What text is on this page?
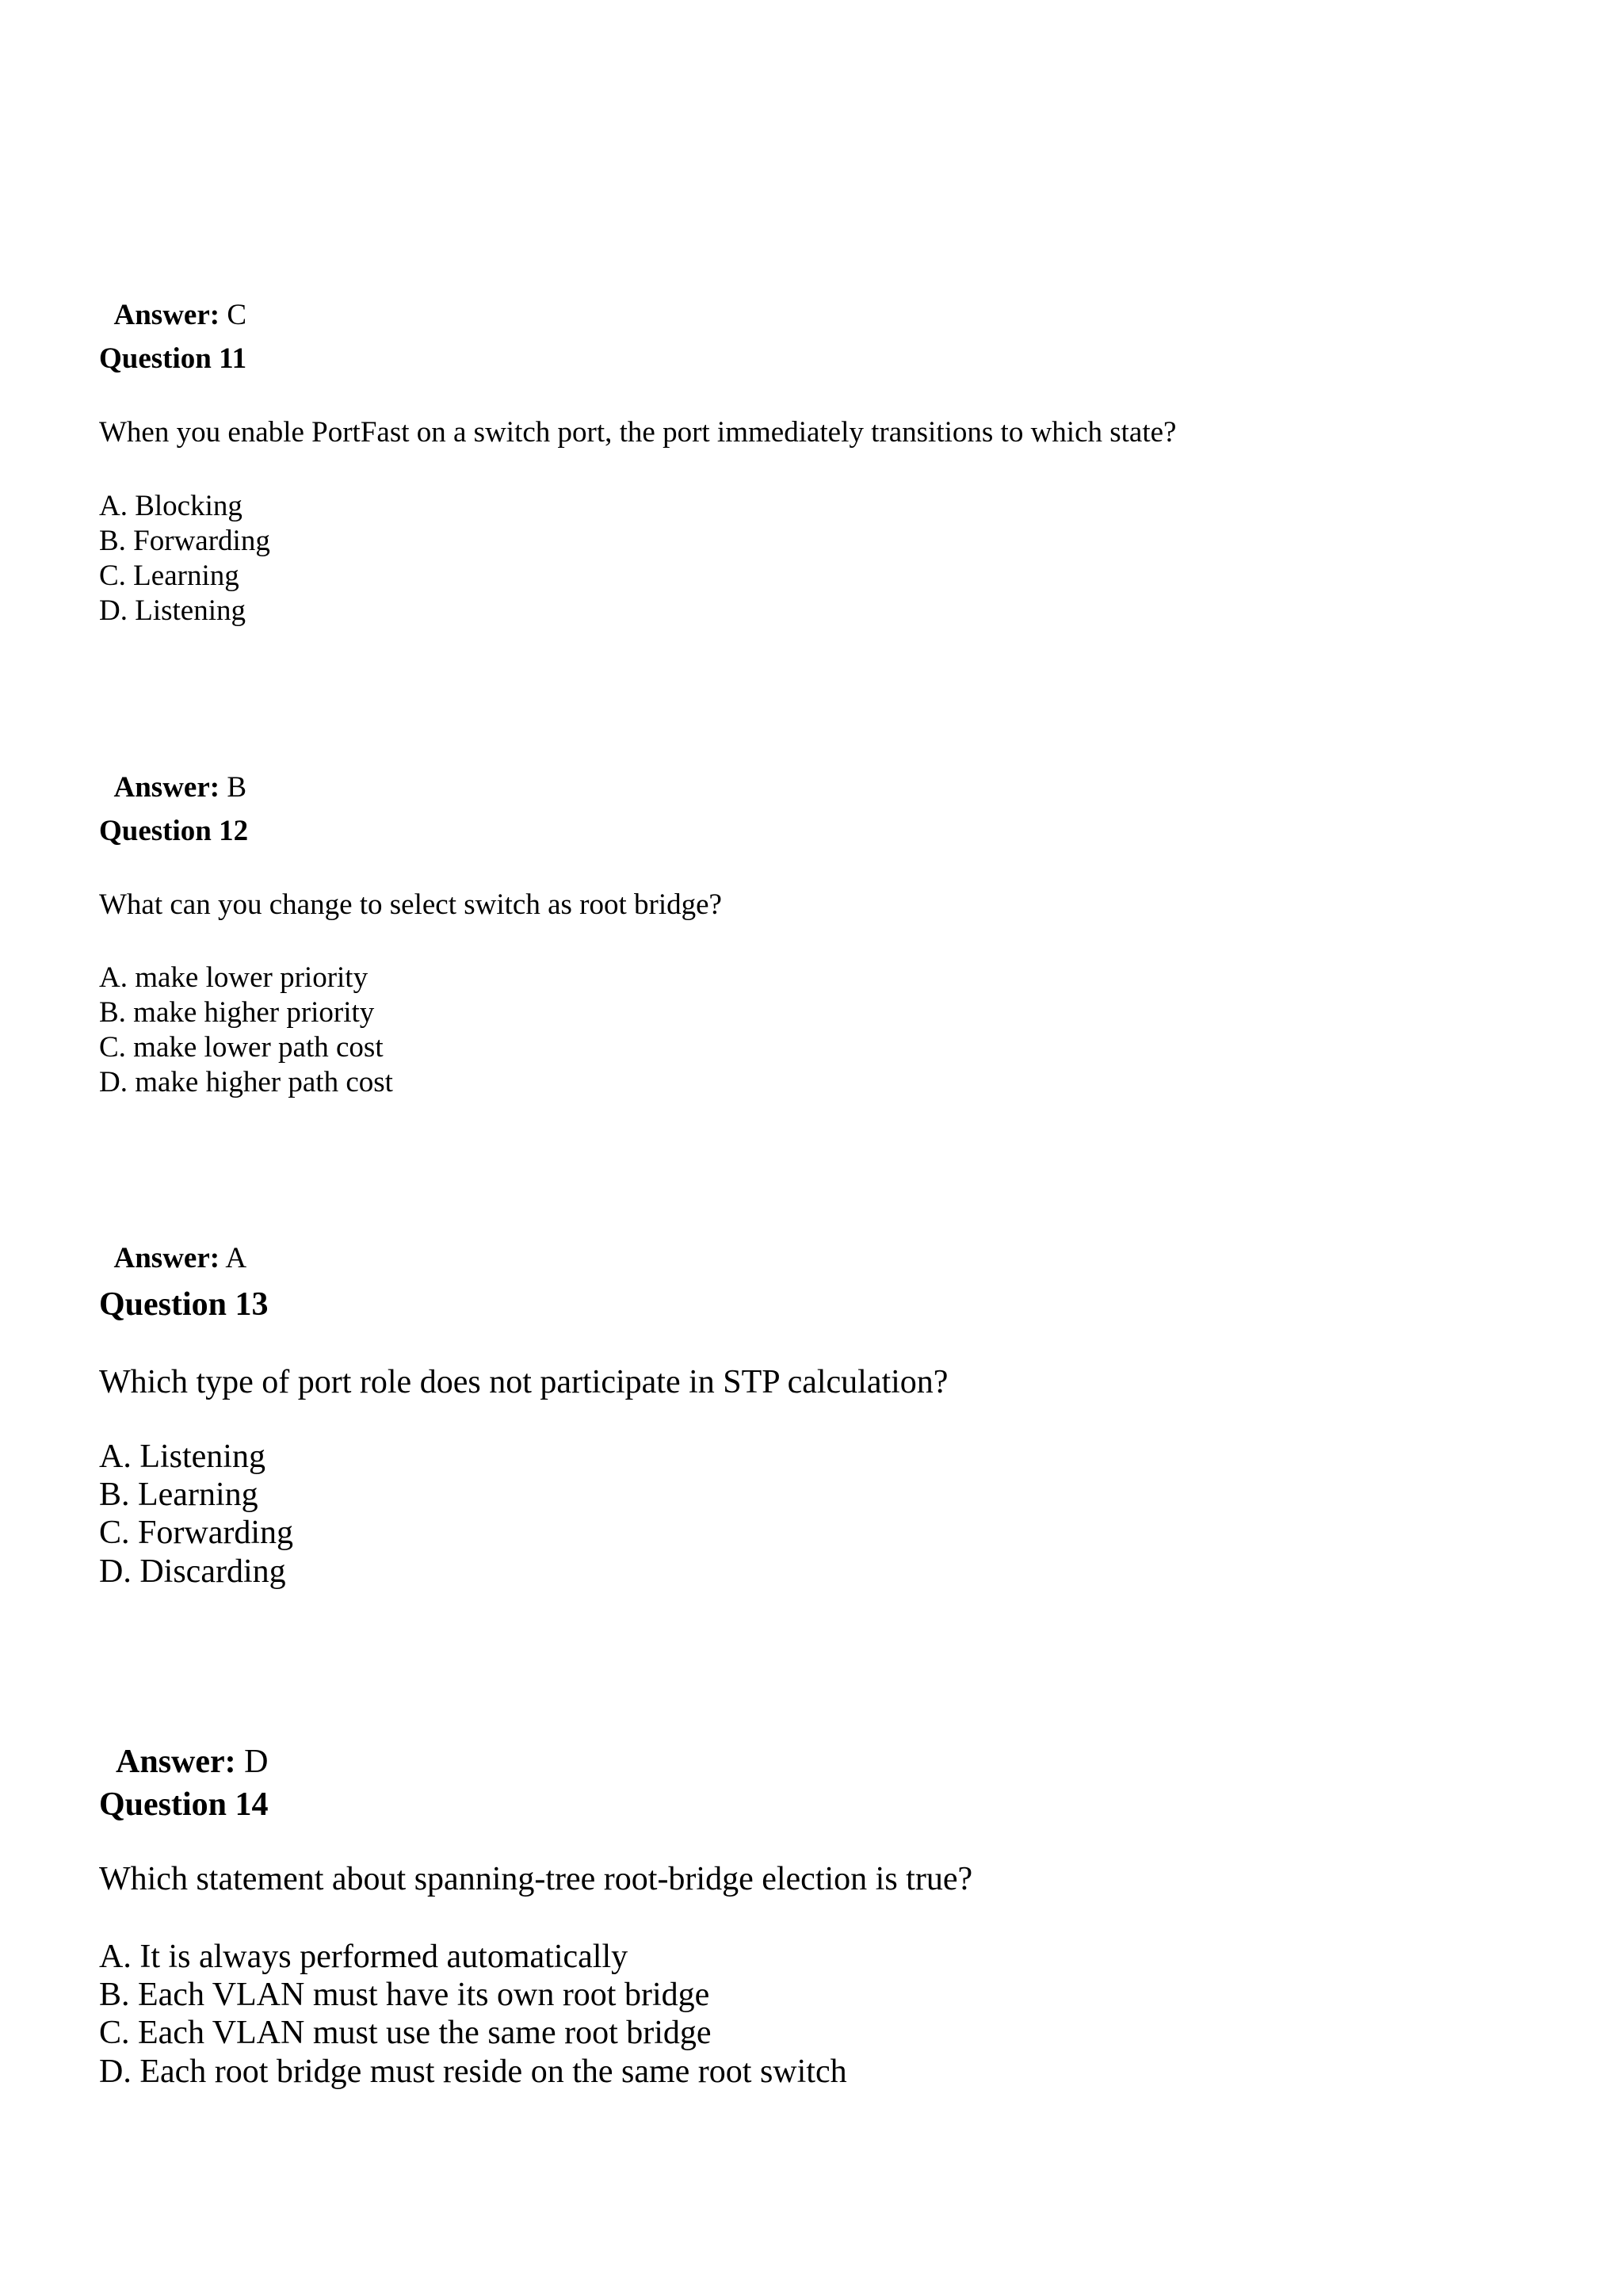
Answer: C

Question 11
When you enable PortFast on a switch port, the port immediately transitions to which state?
A. Blocking
B. Forwarding
C. Learning
D. Listening

Answer: B

Question 12
What can you change to select switch as root bridge?
A. make lower priority
B. make higher priority
C. make lower path cost
D. make higher path cost

Answer: A

Question 13
Which type of port role does not participate in STP calculation?
A. Listening
B. Learning
C. Forwarding
D. Discarding

Answer: D

Question 14
Which statement about spanning-tree root-bridge election is true?
A. It is always performed automatically
B. Each VLAN must have its own root bridge
C. Each VLAN must use the same root bridge
D. Each root bridge must reside on the same root switch
